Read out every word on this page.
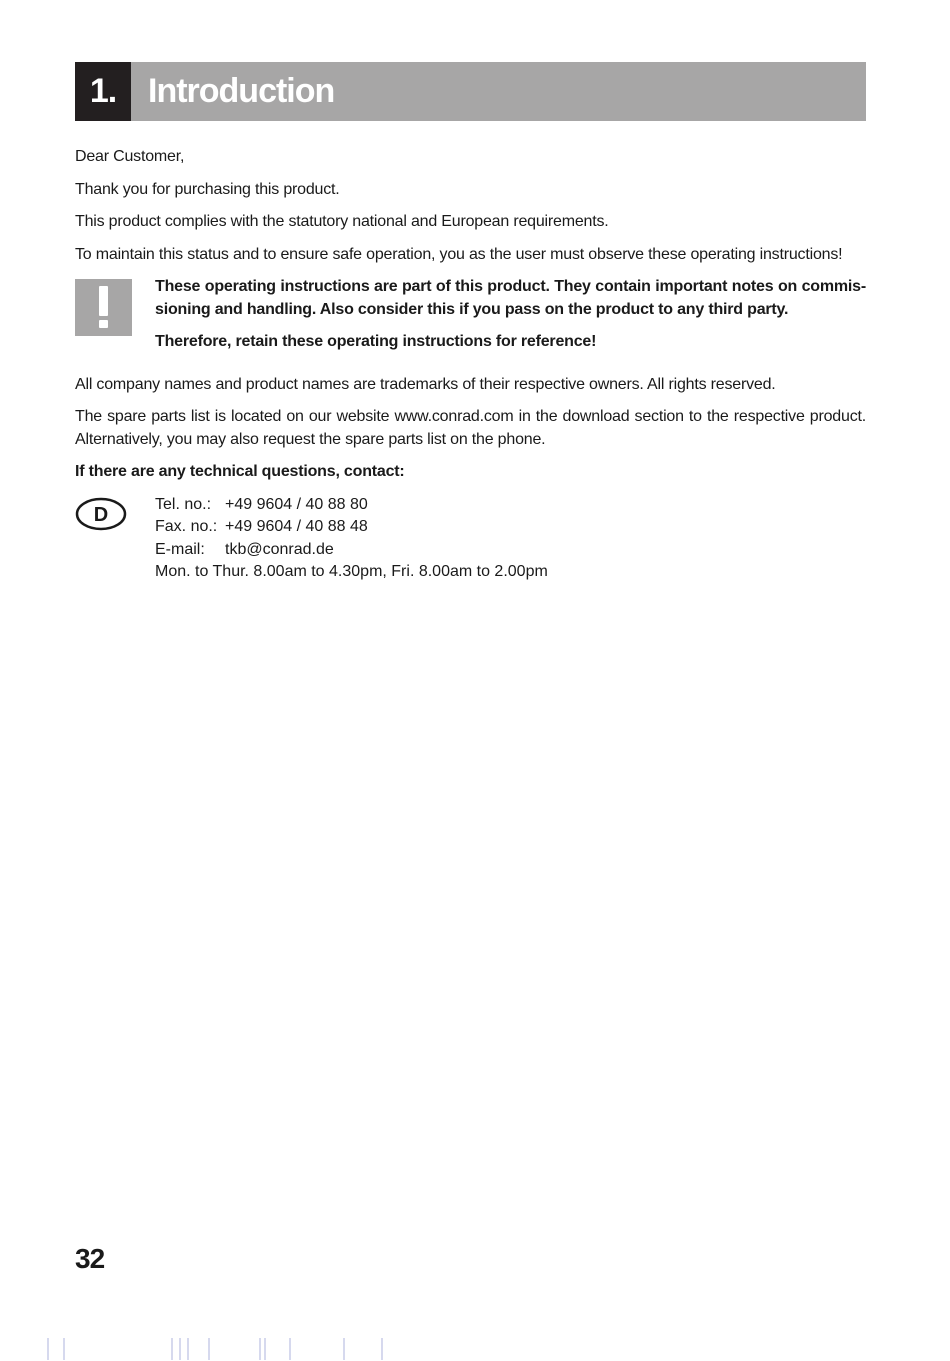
1. Introduction

Dear Customer,

Thank you for purchasing this product.

This product complies with the statutory national and European requirements.

To maintain this status and to ensure safe operation, you as the user must observe these operating instructions!

These operating instructions are part of this product. They contain important notes on commis-sioning and handling. Also consider this if you pass on the product to any third party.

Therefore, retain these operating instructions for reference!

All company names and product names are trademarks of their respective owners. All rights reserved.

The spare parts list is located on our website www.conrad.com in the download section to the respective product. Alternatively, you may also request the spare parts list on the phone.

If there are any technical questions, contact:

D	Tel. no.: +49 9604 / 40 88 80
Fax. no.: +49 9604 / 40 88 48
E-mail:	tkb@conrad.de
Mon. to Thur. 8.00am to 4.30pm, Fri. 8.00am to 2.00pm
32
